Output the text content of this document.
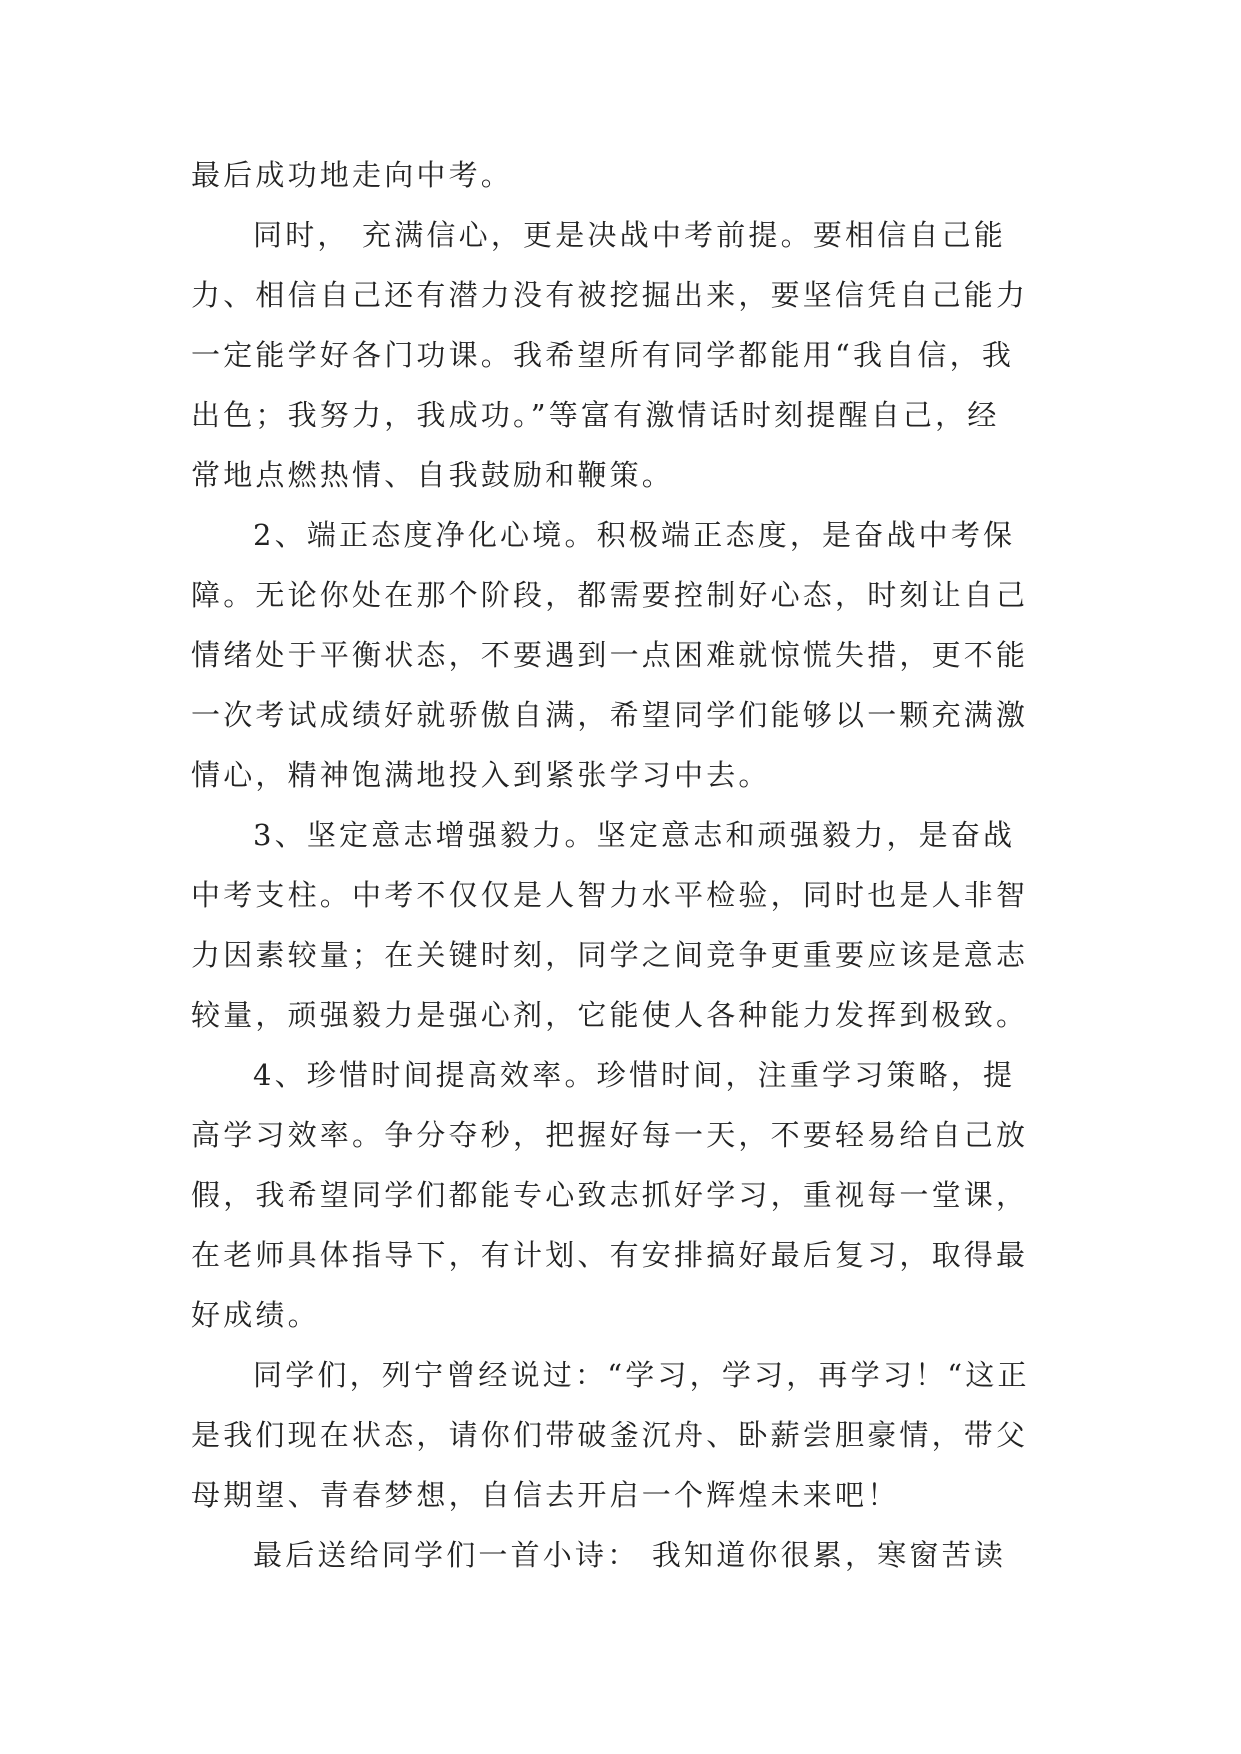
最后成功地走向中考。
同时， 充满信心，更是决战中考前提。要相信自己能
力、相信自己还有潜力没有被挖掘出来，要坚信凭自己能力
一定能学好各门功课。我希望所有同学都能用“我自信，我
出色；我努力，我成功。”等富有激情话时刻提醒自己，经
常地点燃热情、自我鼓励和鞭策。
2、端正态度净化心境。积极端正态度，是奋战中考保
障。无论你处在那个阶段，都需要控制好心态，时刻让自己
情绪处于平衡状态，不要遇到一点困难就惊慌失措，更不能
一次考试成绩好就骄傲自满，希望同学们能够以一颗充满激
情心，精神饱满地投入到紧张学习中去。
3、坚定意志增强毅力。坚定意志和顽强毅力，是奋战
中考支柱。中考不仅仅是人智力水平检验，同时也是人非智
力因素较量；在关键时刻，同学之间竞争更重要应该是意志
较量，顽强毅力是强心剂，它能使人各种能力发挥到极致。
4、珍惜时间提高效率。珍惜时间，注重学习策略，提
高学习效率。争分夺秒，把握好每一天，不要轻易给自己放
假，我希望同学们都能专心致志抓好学习，重视每一堂课，
在老师具体指导下，有计划、有安排搞好最后复习，取得最
好成绩。
同学们，列宁曾经说过：“学习，学习，再学习！“这正
是我们现在状态，请你们带破釜沉舟、卧薪尝胆豪情，带父
母期望、青春梦想，自信去开启一个辉煌未来吧！
最后送给同学们一首小诗： 我知道你很累，寒窗苦读
